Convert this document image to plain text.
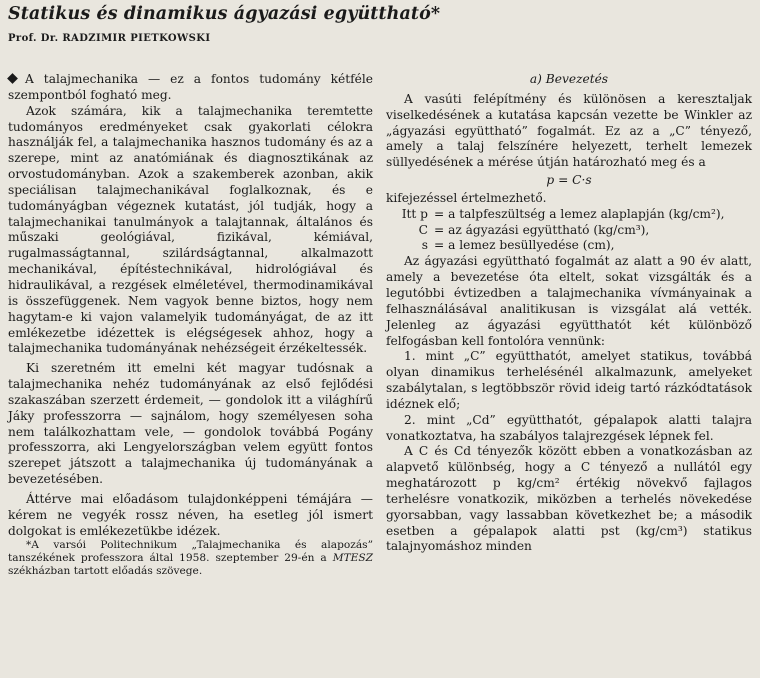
Statikus és dinamikus ágyazási együttható*
Prof. Dr. RADZIMIR PIETKOWSKI

A talajmechanika — ez a fontos tudomány kétféle szempontból fogható meg.

Azok számára, kik a talajmechanika teremtette tudományos eredményeket csak gyakorlati célokra használják fel, a talajmechanika hasznos tudomány és az a szerepe, mint az anatómiának és diagnosztikának az orvostudományban. Azok a szakemberek azonban, akik speciálisan talajmechanikával foglalkoznak, és e tudományágban végeznek kutatást, jól tudják, hogy a talajmechanikai tanulmányok a talajtannak, általános és műszaki geológiával, fizikával, kémiával, rugalmasságtannal, szilárdságtannal, alkalmazott mechanikával, építéstechnikával, hidrológiával és hidraulikával, a rezgések elméletével, thermodinamikával is összefüggenek. Nem vagyok benne biztos, hogy nem hagytam-e ki vajon valamelyik tudományágat, de az itt emlékezetbe idézettek is elégségesek ahhoz, hogy a talajmechanika tudományának nehézségeit érzékeltessék.

Ki szeretném itt emelni két magyar tudósnak a talajmechanika nehéz tudományának az első fejlődési szakaszában szerzett érdemeit, — gondolok itt a világhírű Jáky professzorra — sajnálom, hogy személyesen soha nem találkozhattam vele, — gondolok továbbá Pogány professzorra, aki Lengyelországban velem együtt fontos szerepet játszott a talajmechanika új tudományának a bevezetésében.

Áttérve mai előadásom tulajdonképpeni témájára — kérem ne vegyék rossz néven, ha esetleg jól ismert dolgokat is emlékezetükbe idézek.

*A varsói Politechnikum „Talajmechanika és alapozás” tanszékének professzora által 1958. szeptember 29-én a MTESZ székházban tartott előadás szövege.

a) Bevezetés

A vasúti felépítmény és különösen a keresztaljak viselkedésének a kutatása kapcsán vezette be Winkler az „ágyazási együttható” fogalmát. Ez az a „C” tényező, amely a talaj felszínére helyezett, terhelt lemezek süllyedésének a mérése útján határozható meg és a

p = C·s

kifejezéssel értelmezhető.

Itt p = a talpfeszültség a lemez alaplapján (kg/cm²),
C = az ágyazási együttható (kg/cm³),
s = a lemez besüllyedése (cm),

Az ágyazási együttható fogalmát az alatt a 90 év alatt, amely a bevezetése óta eltelt, sokat vizsgálták és a legutóbbi évtizedben a talajmechanika vívmányainak a felhasználásával analitikusan is vizsgálat alá vették. Jelenleg az ágyazási együtthatót két különböző felfogásban kell fontolóra vennünk:

1. mint „C” együtthatót, amelyet statikus, továbbá olyan dinamikus terhelésénél alkalmazunk, amelyeket szabálytalan, s legtöbbször rövid ideig tartó rázkódtatások idéznek elő;

2. mint „Cd” együtthatót, gépalapok alatti talajra vonatkoztatva, ha szabályos talajrezgések lépnek fel.

A C és Cd tényezők között ebben a vonatkozásban az alapvető különbség, hogy a C tényező a nullától egy meghatározott p kg/cm² értékig növekvő fajlagos terhelésre vonatkozik, miközben a terhelés növekedése gyorsabban, vagy lassabban következhet be; a második esetben a gépalapok alatti pst (kg/cm³) statikus talajnyomáshoz minden
